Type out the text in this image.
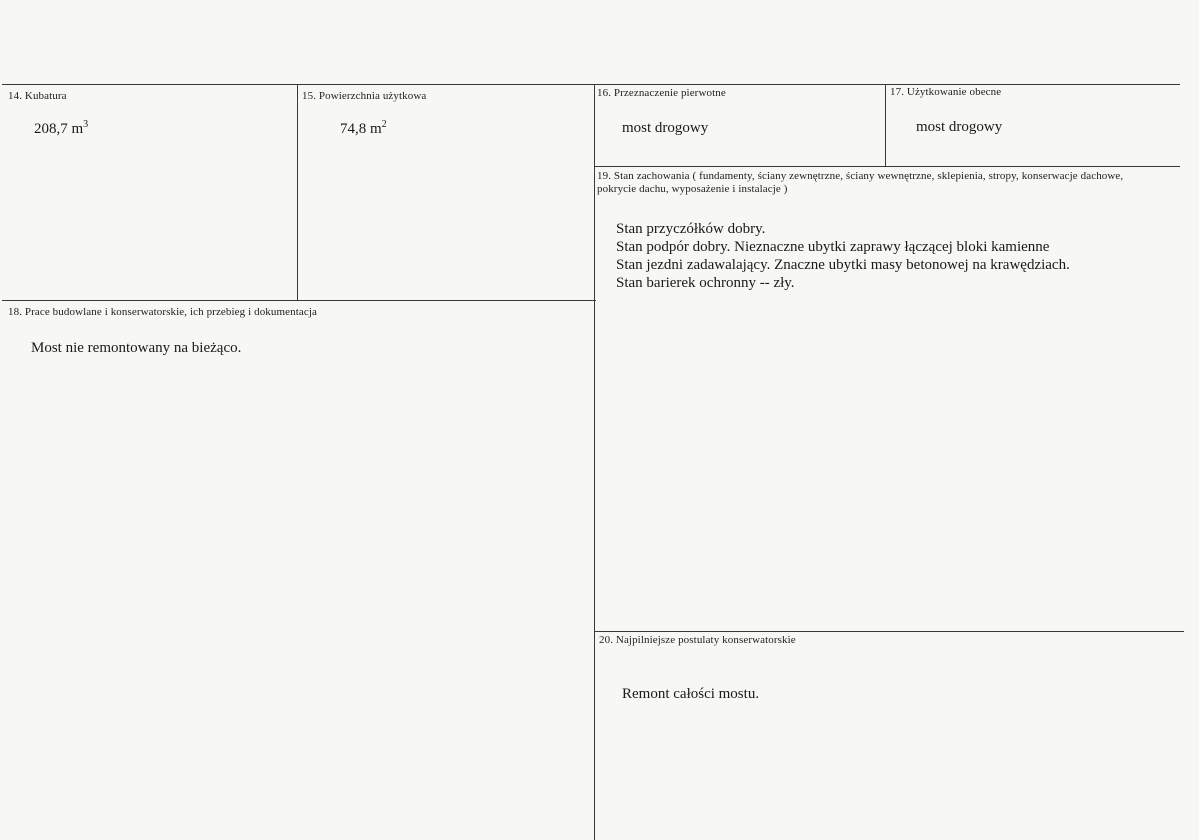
14. Kubatura
208,7 $m^3$
15. Powierzchnia użytkowa
74,8 $m^2$
16. Przeznaczenie pierwotne
most drogowy
17. Użytkowanie obecne
most drogowy
18. Prace budowlane i konserwatorskie, ich przebieg i dokumentacja
Most nie remontowany na bieżąco.
19. Stan zachowania ( fundamenty, ściany zewnętrzne, ściany wewnętrzne, sklepienia, stropy, konserwacje dachowe, pokrycie dachu, wyposażenie i instalacje )
Stan przyczółków dobry.
Stan podpór dobry. Nieznaczne ubytki zaprawy łączącej bloki kamienne
Stan jezdni zadawalający. Znaczne ubytki masy betonowej na krawędziach.
Stan barierek ochronny -- zły.
20. Najpilniejsze postulaty konserwatorskie
Remont całości mostu.
